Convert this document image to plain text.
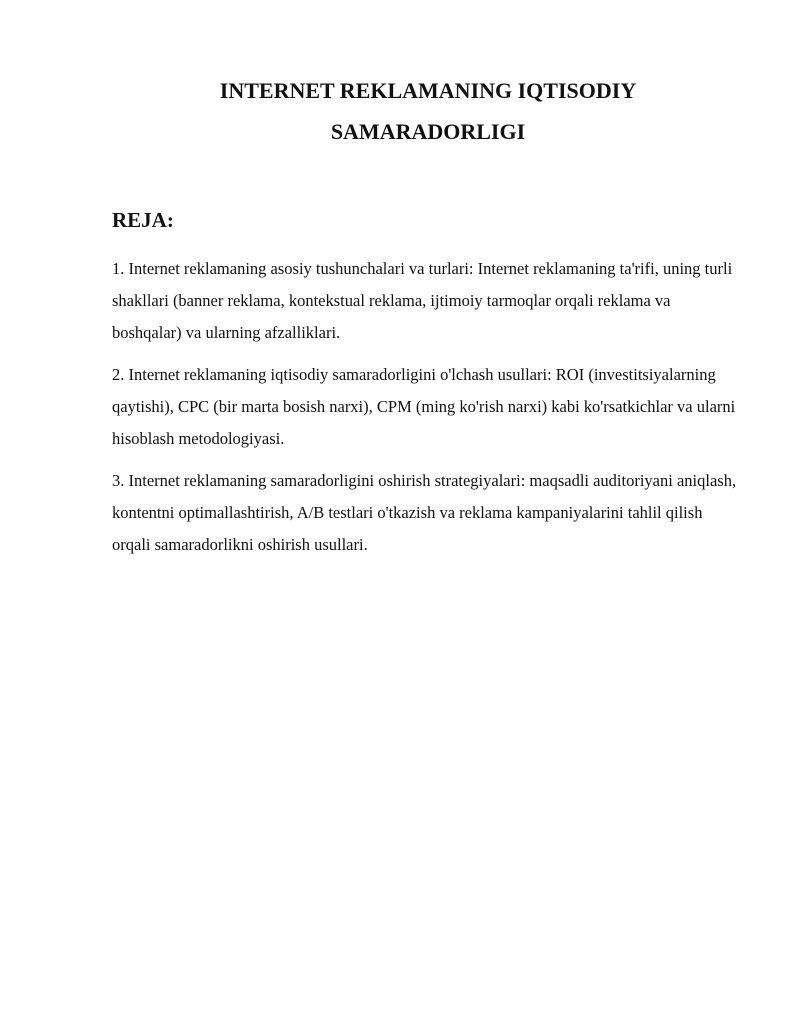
INTERNET REKLAMANING IQTISODIY
SAMARADORLIGI
REJA:
1. Internet reklamaning asosiy tushunchalari va turlari: Internet reklamaning ta'rifi, uning turli shakllari (banner reklama, kontekstual reklama, ijtimoiy tarmoqlar orqali reklama va boshqalar) va ularning afzalliklari.
2. Internet reklamaning iqtisodiy samaradorligini o'lchash usullari: ROI (investitsiyalarning qaytishi), CPC (bir marta bosish narxi), CPM (ming ko'rish narxi) kabi ko'rsatkichlar va ularni hisoblash metodologiyasi.
3. Internet reklamaning samaradorligini oshirish strategiyalari: maqsadli auditoriyani aniqlash, kontentni optimallashtirish, A/B testlari o'tkazish va reklama kampaniyalarini tahlil qilish orqali samaradorlikni oshirish usullari.
